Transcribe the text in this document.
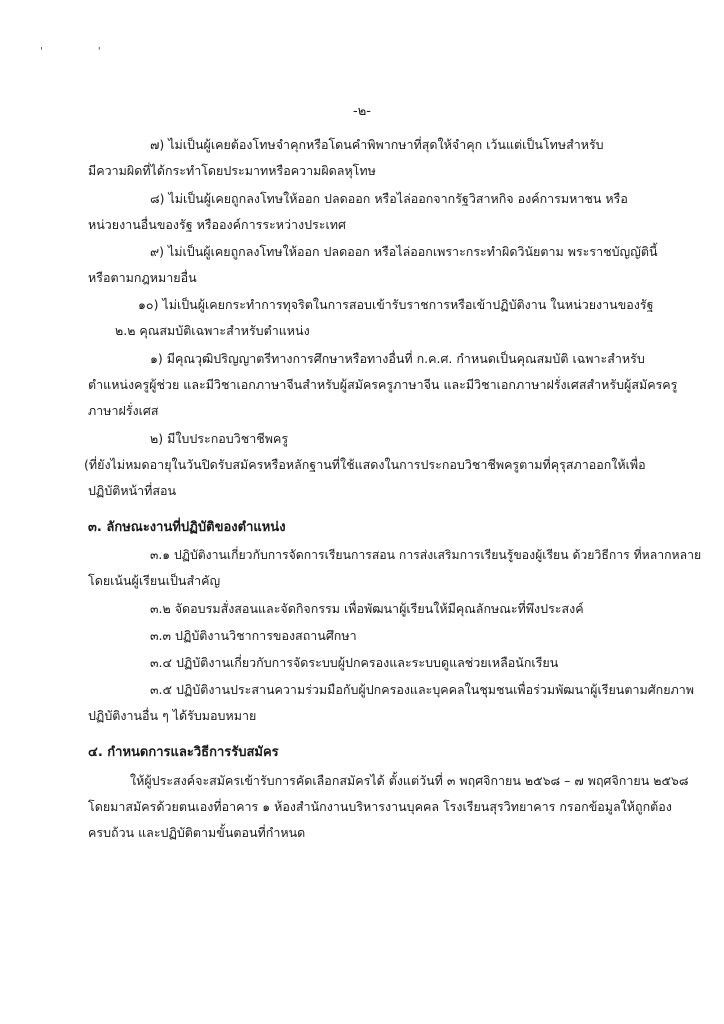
' '
-๒-
๗) ไม่เป็นผู้เคยต้องโทษจำคุกหรือโดนคำพิพากษาที่สุดให้จำคุก เว้นแต่เป็นโทษสำหรับ
มีความผิดที่ได้กระทำโดยประมาทหรือความผิดลหุโทษ
๘) ไม่เป็นผู้เคยถูกลงโทษให้ออก ปลดออก หรือไล่ออกจากรัฐวิสาหกิจ องค์การมหาชน หรือ
หน่วยงานอื่นของรัฐ หรือองค์การระหว่างประเทศ
๙) ไม่เป็นผู้เคยถูกลงโทษให้ออก ปลดออก หรือไล่ออกเพราะกระทำผิดวินัยตาม พระราชบัญญัตินี้
หรือตามกฎหมายอื่น
๑๐) ไม่เป็นผู้เคยกระทำการทุจริตในการสอบเข้ารับราชการหรือเข้าปฏิบัติงาน ในหน่วยงานของรัฐ
๒.๒ คุณสมบัติเฉพาะสำหรับตำแหน่ง
๑) มีคุณวุฒิปริญญาตรีทางการศึกษาหรือทางอื่นที่ ก.ค.ศ. กำหนดเป็นคุณสมบัติ เฉพาะสำหรับ
ตำแหน่งครูผู้ช่วย และมีวิชาเอกภาษาจีนสำหรับผู้สมัครครูภาษาจีน และมีวิชาเอกภาษาฝรั่งเศสสำหรับผู้สมัครครู
ภาษาฝรั่งเศส
๒) มีใบประกอบวิชาชีพครู
(ที่ยังไม่หมดอายุในวันปิดรับสมัครหรือหลักฐานที่ใช้แสดงในการประกอบวิชาชีพครูตามที่คุรุสภาออกให้เพื่อ
ปฏิบัติหน้าที่สอน
๓. ลักษณะงานที่ปฏิบัติของตำแหน่ง
๓.๑ ปฏิบัติงานเกี่ยวกับการจัดการเรียนการสอน การส่งเสริมการเรียนรู้ของผู้เรียน ด้วยวิธีการ ที่หลากหลาย
โดยเน้นผู้เรียนเป็นสำคัญ
๓.๒ จัดอบรมสั่งสอนและจัดกิจกรรม เพื่อพัฒนาผู้เรียนให้มีคุณลักษณะที่พึงประสงค์
๓.๓ ปฏิบัติงานวิชาการของสถานศึกษา
๓.๔ ปฏิบัติงานเกี่ยวกับการจัดระบบผู้ปกครองและระบบดูแลช่วยเหลือนักเรียน
๓.๕ ปฏิบัติงานประสานความร่วมมือกับผู้ปกครองและบุคคลในชุมชนเพื่อร่วมพัฒนาผู้เรียนตามศักยภาพ
ปฏิบัติงานอื่น ๆ ได้รับมอบหมาย
๔. กำหนดการและวิธีการรับสมัคร
ให้ผู้ประสงค์จะสมัครเข้ารับการคัดเลือกสมัครได้ ตั้งแต่วันที่ ๓ พฤศจิกายน ๒๕๖๘ – ๗ พฤศจิกายน ๒๕๖๘
โดยมาสมัครด้วยตนเองที่อาคาร ๑ ห้องสำนักงานบริหารงานบุคคล โรงเรียนสุรวิทยาคาร กรอกข้อมูลให้ถูกต้อง
ครบถ้วน และปฏิบัติตามขั้นตอนที่กำหนด
